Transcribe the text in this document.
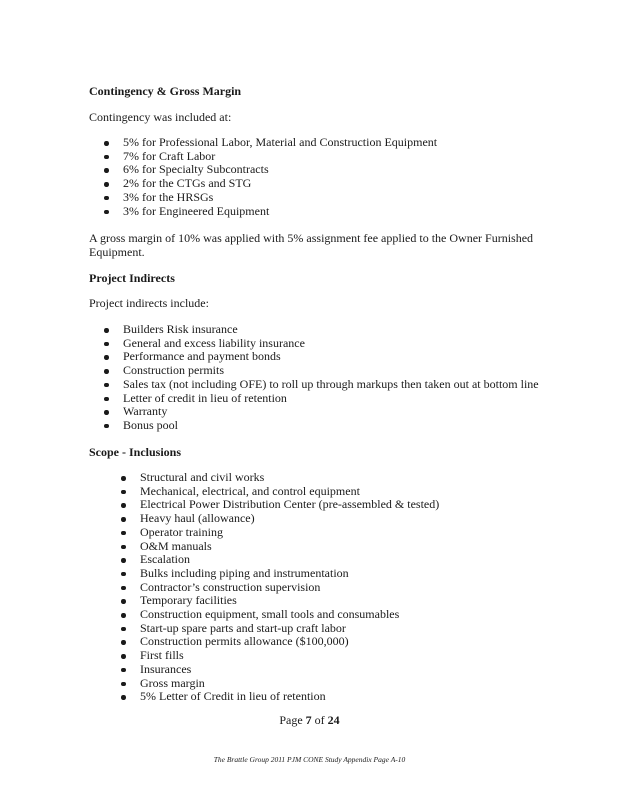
Contingency & Gross Margin
Contingency was included at:
5% for Professional Labor, Material and Construction Equipment
7% for Craft Labor
6% for Specialty Subcontracts
2% for the CTGs and STG
3% for the HRSGs
3% for Engineered Equipment
A gross margin of 10% was applied with 5% assignment fee applied to the Owner Furnished Equipment.
Project Indirects
Project indirects include:
Builders Risk insurance
General and excess liability insurance
Performance and payment bonds
Construction permits
Sales tax (not including OFE) to roll up through markups then taken out at bottom line
Letter of credit in lieu of retention
Warranty
Bonus pool
Scope - Inclusions
Structural and civil works
Mechanical, electrical, and control equipment
Electrical Power Distribution Center (pre-assembled & tested)
Heavy haul (allowance)
Operator training
O&M manuals
Escalation
Bulks including piping and instrumentation
Contractor’s construction supervision
Temporary facilities
Construction equipment, small tools and consumables
Start-up spare parts and start-up craft labor
Construction permits allowance ($100,000)
First fills
Insurances
Gross margin
5% Letter of Credit in lieu of retention
Page 7 of 24
The Brattle Group 2011 PJM CONE Study Appendix Page A-10
